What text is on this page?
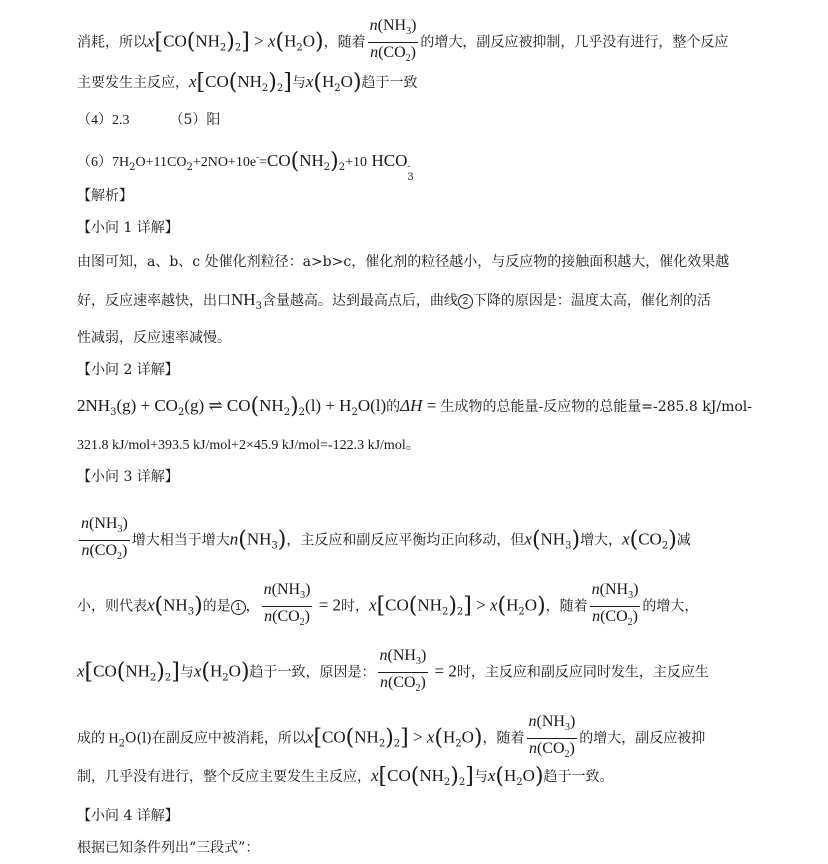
消耗，所以$x[CO(NH_2)_2] > x(H_2O)$，随着 $\frac{n(NH_3)}{n(CO_2)}$ 的增大，副反应被抑制，几乎没有进行，整个反应
主要发生主反应，$x[CO(NH_2)_2]$与$x(H_2O)$趋于一致
（4）2.3	（5）阳
$(6)7H_2O+11CO_2+2NO+10e^-=CO(NH_2)_2+10$ HCO -
3
【解析】
【小问 1 详解】
由图可知，a、b、c 处催化剂粒径：a>b>c，催化剂的粒径越小，与反应物的接触面积越大，催化效果越
好，反应速率越快，出口$NH_3$含量越高。达到最高点后，曲线 2 下降的原因是：温度太高，催化剂的活
性减弱，反应速率减慢。
【小问 2 详解】
$2NH_3(g) + CO_2(g)$ ⇌ $CO(NH_2)_2(l) + H_2O(l)$的ΔH = 生成物的总能量-反应物的总能量=-285.8 kJ/mol-
321.8 kJ/mol+393.5 kJ/mol+2×45.9 kJ/mol=-122.3 kJ/mol。
【小问 3 详解】
$\frac{n(NH_3)}{n(CO_2)}$ 增大相当于增大$n(NH_3)$，主反应和副反应平衡均正向移动，但$x(NH_3)$增大，$x(CO_2)$减
小，则代表$x(NH_3)$的是 1 ， $\frac{n(NH_3)}{n(CO_2)} = 2$时，$x[CO(NH_2)_2] > x(H_2O)$，随着 $\frac{n(NH_3)}{n(CO_2)}$ 的增大，
$x[CO(NH_2)_2]$与$x(H_2O)$趋于一致，原因是： $\frac{n(NH_3)}{n(CO_2)} = 2$时，主反应和副反应同时发生，主反应生
成的 $H_2O(l)$在副反应中被消耗，所以$x[CO(NH_2)_2] > x(H_2O)$，随着 $\frac{n(NH_3)}{n(CO_2)}$ 的增大，副反应被抑
制，几乎没有进行，整个反应主要发生主反应，$x[CO(NH_2)_2]$与$x(H_2O)$趋于一致。
【小问 4 详解】
根据已知条件列出“三段式”：
